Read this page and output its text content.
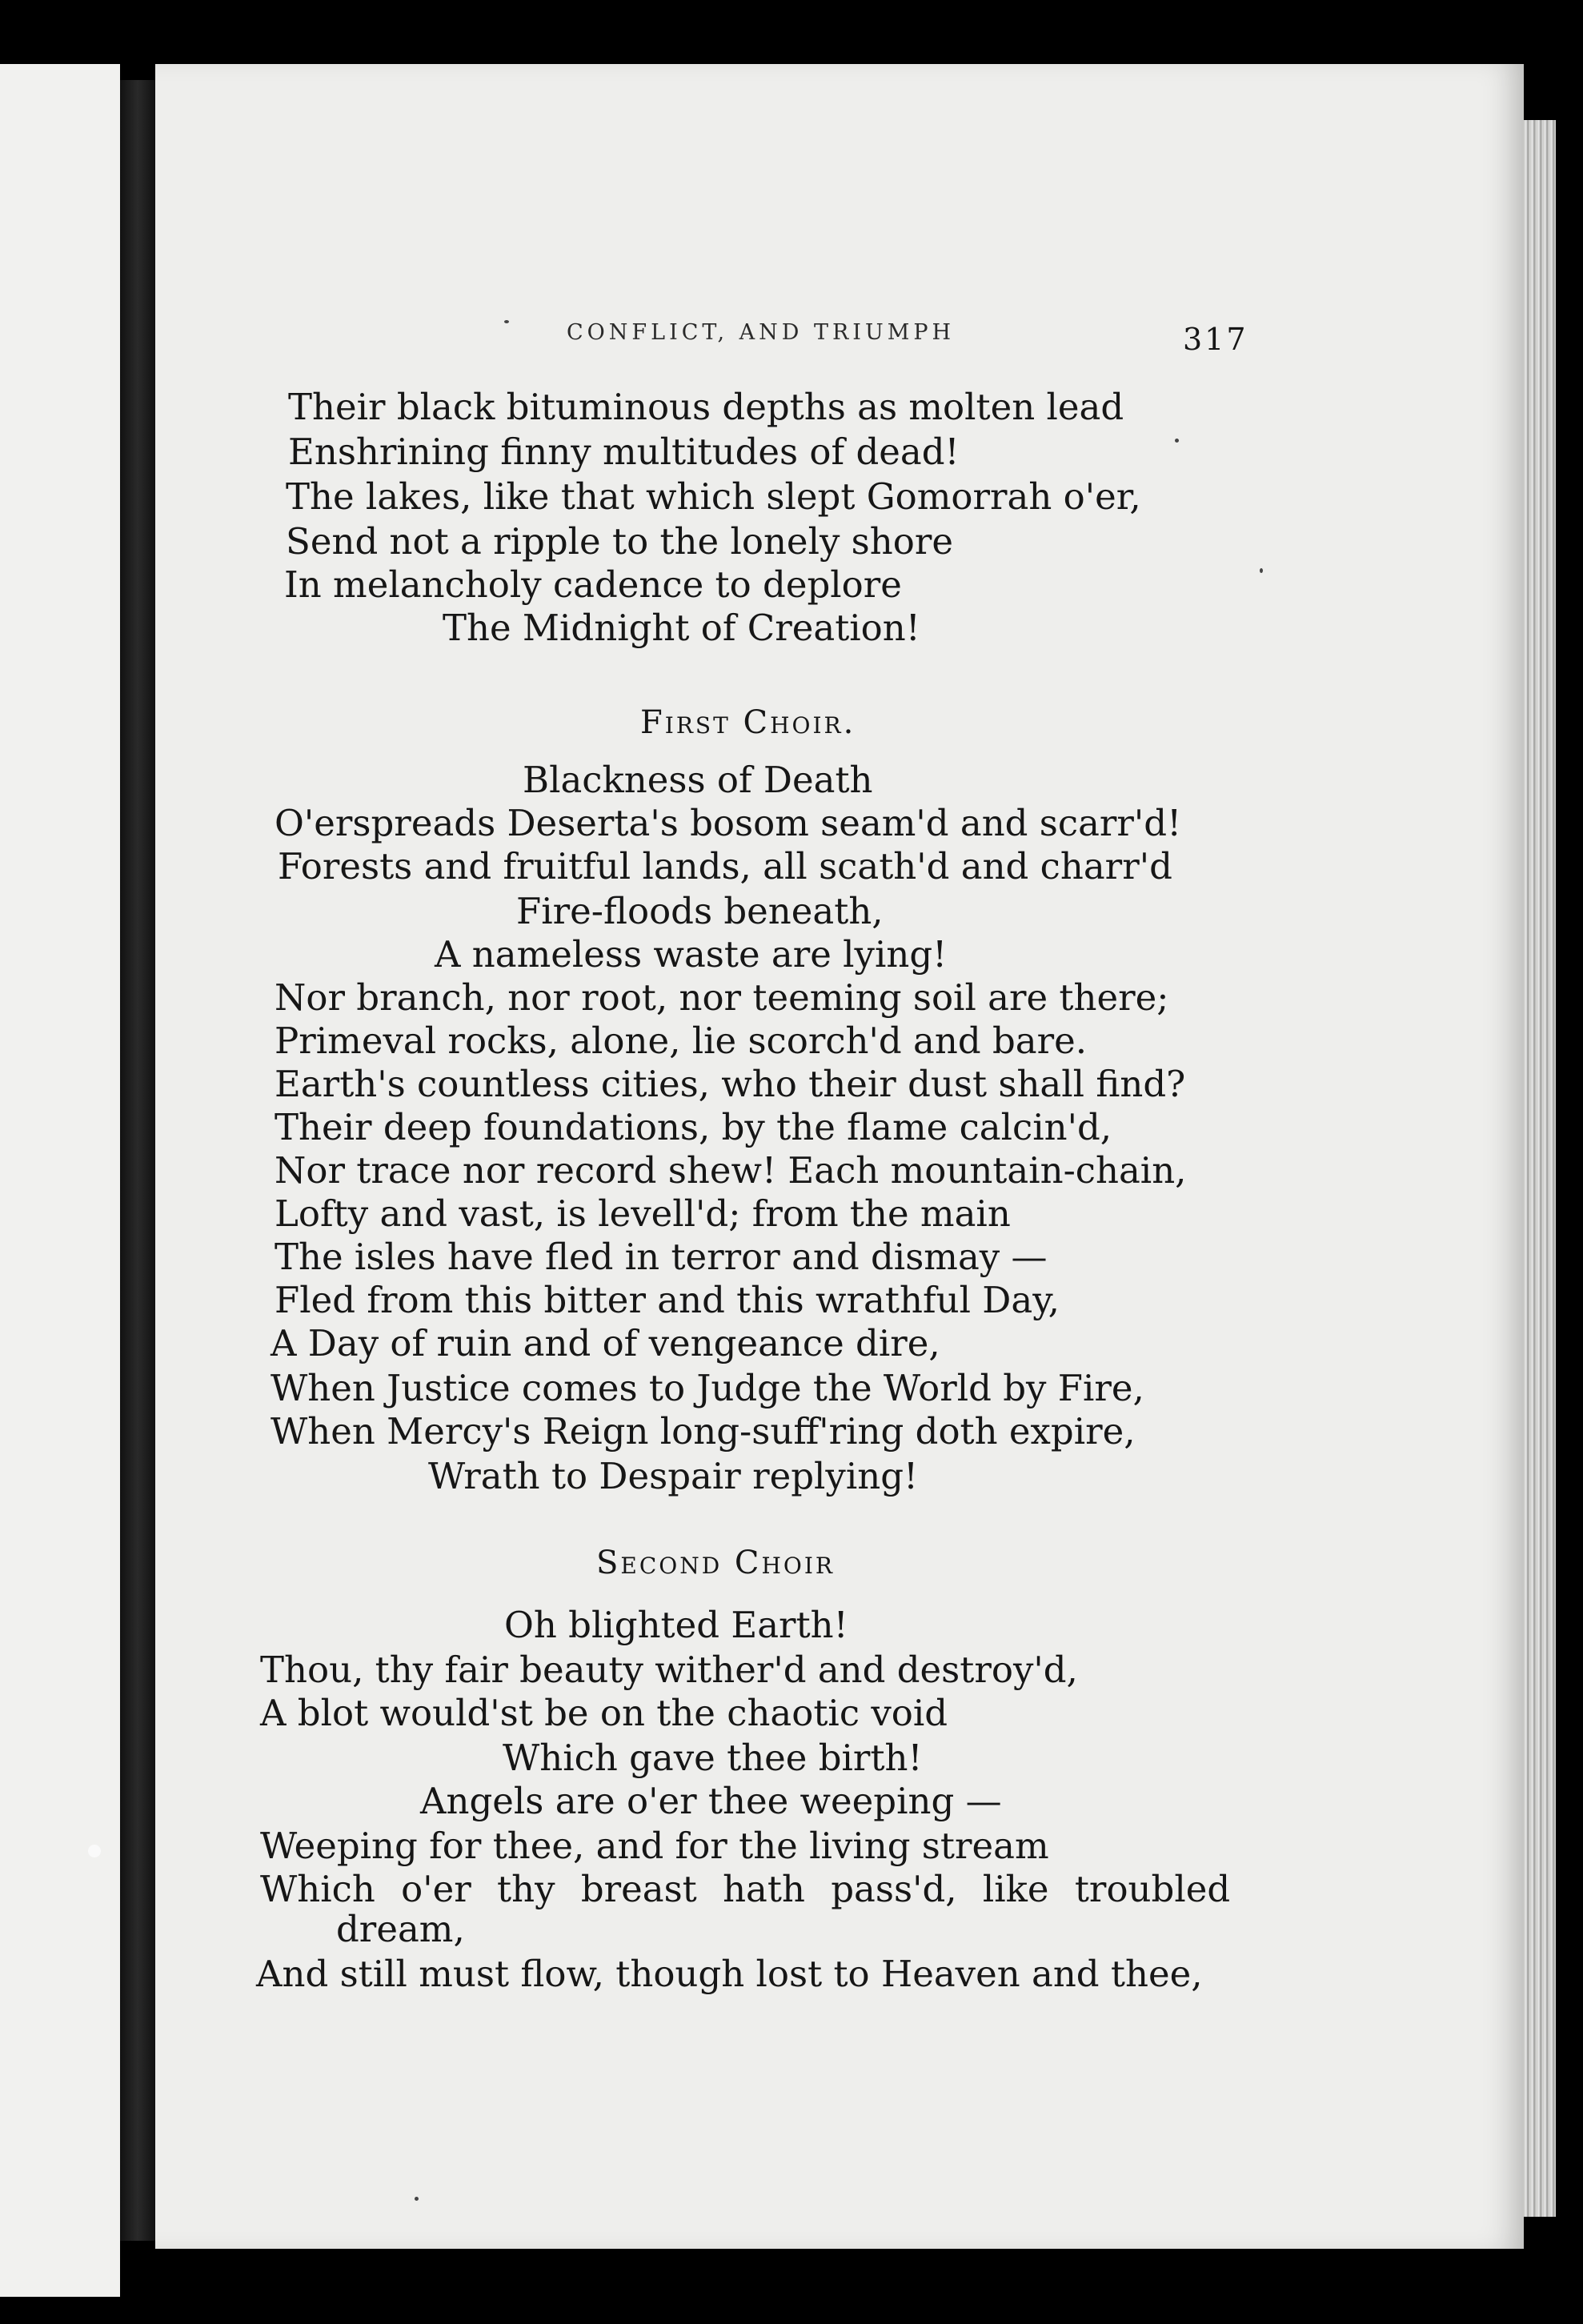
CONFLICT, AND TRIUMPH	317
Their black bituminous depths as molten lead
Enshrining finny multitudes of dead!
The lakes, like that which slept Gomorrah o'er,
Send not a ripple to the lonely shore
In melancholy cadence to deplore
The Midnight of Creation!
First Choir.
Blackness of Death
O'erspreads Deserta's bosom seam'd and scarr'd!
Forests and fruitful lands, all scath'd and charr'd
Fire-floods beneath,
A nameless waste are lying!
Nor branch, nor root, nor teeming soil are there;
Primeval rocks, alone, lie scorch'd and bare.
Earth's countless cities, who their dust shall find?
Their deep foundations, by the flame calcin'd,
Nor trace nor record shew! Each mountain-chain,
Lofty and vast, is levell'd; from the main
The isles have fled in terror and dismay —
Fled from this bitter and this wrathful Day,
A Day of ruin and of vengeance dire,
When Justice comes to Judge the World by Fire,
When Mercy's Reign long-suff'ring doth expire,
Wrath to Despair replying!
Second Choir
Oh blighted Earth!
Thou, thy fair beauty wither'd and destroy'd,
A blot would'st be on the chaotic void
Which gave thee birth!
Angels are o'er thee weeping —
Weeping for thee, and for the living stream
Which o'er thy breast hath pass'd, like troubled
dream,
And still must flow, though lost to Heaven and thee,
